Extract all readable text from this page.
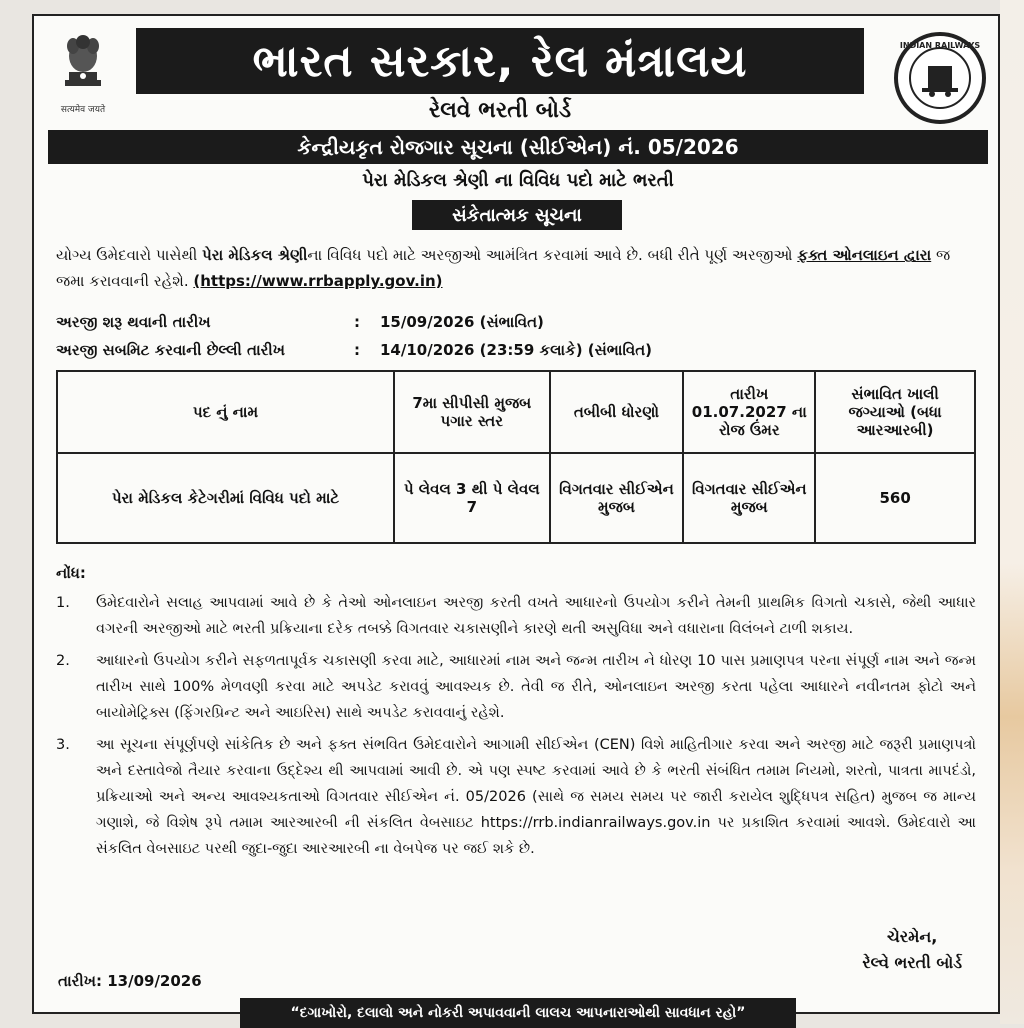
सत्यमेव जयते
ભારત સરકાર, રેલ મંત્રાલય
રેલવે ભરતી બોર્ડ
INDIAN RAILWAYS
કેન્દ્રીયકૃત રોજગાર સૂચના (સીઈએન) નં. 05/2026
પેરા મેડિકલ શ્રેણી ના વિવિધ પદો માટે ભરતી
સંકેતાત્મક સૂચના
યોગ્ય ઉમેદવારો પાસેથી પેરા મેડિકલ શ્રેણીના વિવિધ પદો માટે અરજીઓ આમંત્રિત કરવામાં આવે છે. બધી રીતે પૂર્ણ અરજીઓ ફક્ત ઓનલાઇન દ્વારા જ જમા કરાવવાની રહેશે. (https://www.rrbapply.gov.in)
અરજી શરૂ થવાની તારીખ	:	15/09/2026 (સંભાવિત)
અરજી સબમિટ કરવાની છેલ્લી તારીખ	:	14/10/2026 (23:59 કલાકે) (સંભાવિત)
પદ નું નામ	7મા સીપીસી મુજબ પગાર સ્તર	તબીબી ધોરણો	તારીખ 01.07.2027 ના રોજ ઉંમર	સંભાવિત ખાલી જગ્યાઓ (બધા આરઆરબી)
પેરા મેડિકલ કેટેગરીમાં વિવિધ પદો માટે	પે લેવલ 3 થી પે લેવલ 7	વિગતવાર સીઈએન મુજબ	વિગતવાર સીઈએન મુજબ	560
નોંધ:
1.	ઉમેદવારોને સલાહ આપવામાં આવે છે કે તેઓ ઓનલાઇન અરજી કરતી વખતે આધારનો ઉપયોગ કરીને તેમની પ્રાથમિક વિગતો ચકાસે, જેથી આધાર વગરની અરજીઓ માટે ભરતી પ્રક્રિયાના દરેક તબક્કે વિગતવાર ચકાસણીને કારણે થતી અસુવિધા અને વધારાના વિલંબને ટાળી શકાય.
2.	આધારનો ઉપયોગ કરીને સફળતાપૂર્વક ચકાસણી કરવા માટે, આધારમાં નામ અને જન્મ તારીખ ને ધોરણ 10 પાસ પ્રમાણપત્ર પરના સંપૂર્ણ નામ અને જન્મ તારીખ સાથે 100% મેળવણી કરવા માટે અપડેટ કરાવવું આવશ્યક છે. તેવી જ રીતે, ઓનલાઇન અરજી કરતા પહેલા આધારને નવીનતમ ફોટો અને બાયોમેટ્રિક્સ (ફિંગરપ્રિન્ટ અને આઇરિસ) સાથે અપડેટ કરાવવાનું રહેશે.
3.	આ સૂચના સંપૂર્ણપણે સાંકેતિક છે અને ફક્ત સંભવિત ઉમેદવારોને આગામી સીઈએન (CEN) વિશે માહિતીગાર કરવા અને અરજી માટે જરૂરી પ્રમાણપત્રો અને દસ્તાવેજો તૈયાર કરવાના ઉદ્દેશ્ય થી આપવામાં આવી છે. એ પણ સ્પષ્ટ કરવામાં આવે છે કે ભરતી સંબંધિત તમામ નિયમો, શરતો, પાત્રતા માપદંડો, પ્રક્રિયાઓ અને અન્ય આવશ્યકતાઓ વિગતવાર સીઈએન નં. 05/2026 (સાથે જ સમય સમય પર જારી કરાયેલ શુદ્ધિપત્ર સહિત) મુજબ જ માન્ય ગણાશે, જે વિશેષ રૂપે તમામ આરઆરબી ની સંકલિત વેબસાઇટ https://rrb.indianrailways.gov.in પર પ્રકાશિત કરવામાં આવશે. ઉમેદવારો આ સંકલિત વેબસાઇટ પરથી જુદા-જુદા આરઆરબી ના વેબપેજ પર જઈ શકે છે.
ચેરમેન,
રેલ્વે ભરતી બોર્ડ
તારીખ: 13/09/2026
“દગાખોરો, દલાલો અને નોકરી અપાવવાની લાલચ આપનારાઓથી સાવધાન રહો”
